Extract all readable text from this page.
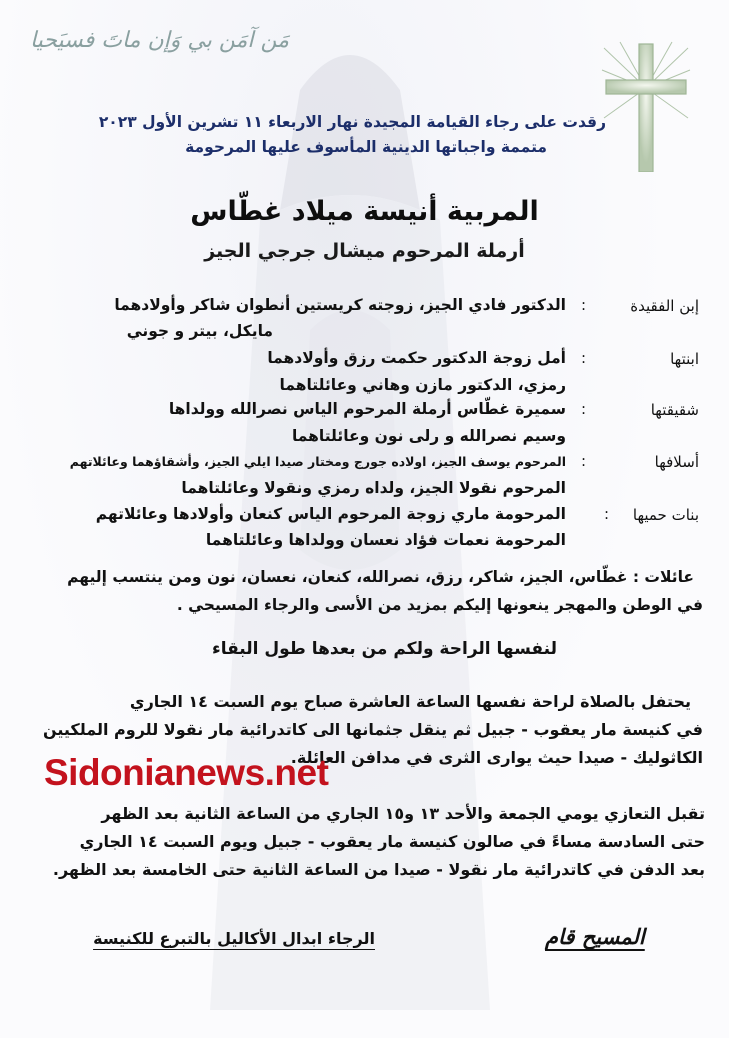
مَن آمَن بي وَإن ماتَ فسيَحيا
رقدت على رجاء القيامة المجيدة نهار الاربعاء ١١ تشرين الأول ٢٠٢٣
متممة واجباتها الدينية المأسوف عليها المرحومة
المربية أنيسة ميلاد غطّاس
أرملة المرحوم ميشال جرجي الجيز
إبن الفقيدة
:
الدكتور فادي الجيز، زوجته كريستين أنطوان شاكر وأولادهما
مايكل، بيتر و جوني
ابنتها
:
أمل زوجة الدكتور حكمت رزق وأولادهما
رمزي، الدكتور مازن وهاني وعائلتاهما
شقيقتها
:
سميرة غطّاس أرملة المرحوم الياس نصرالله وولداها
وسيم نصرالله و رلى نون وعائلتاهما
أسلافها
:
المرحوم يوسف الجيز، اولاده جورج ومختار صيدا ايلي الجيز، وأشقاؤهما وعائلاتهم
المرحوم نقولا الجيز، ولداه رمزي ونقولا وعائلتاهما
بنات حميها
:
المرحومة ماري زوجة المرحوم الياس كنعان وأولادها وعائلاتهم
المرحومة نعمات فؤاد نعسان وولداها وعائلتاهما
عائلات : غطّاس، الجيز، شاكر، رزق، نصرالله، كنعان، نعسان، نون ومن ينتسب إليهم
في الوطن والمهجر ينعونها إليكم بمزيد من الأسى والرجاء المسيحي .
لنفسها الراحة ولكم من بعدها طول البقاء
يحتفل بالصلاة لراحة نفسها الساعة العاشرة صباح يوم السبت ١٤ الجاري
في كنيسة مار يعقوب - جبيل ثم ينقل جثمانها الى كاتدرائية مار نقولا للروم الملكيين
الكاثوليك - صيدا حيث يوارى الثرى في مدافن العائلة.
Sidonianews.net
تقبل التعازي يومي الجمعة والأحد ١٣ و١٥ الجاري من الساعة الثانية بعد الظهر
حتى السادسة مساءً في صالون كنيسة مار يعقوب - جبيل ويوم السبت ١٤ الجاري
بعد الدفن في كاتدرائية مار نقولا - صيدا من الساعة الثانية حتى الخامسة بعد الظهر.
الرجاء ابدال الأكاليل بالتبرع للكنيسة	المسيح قام
